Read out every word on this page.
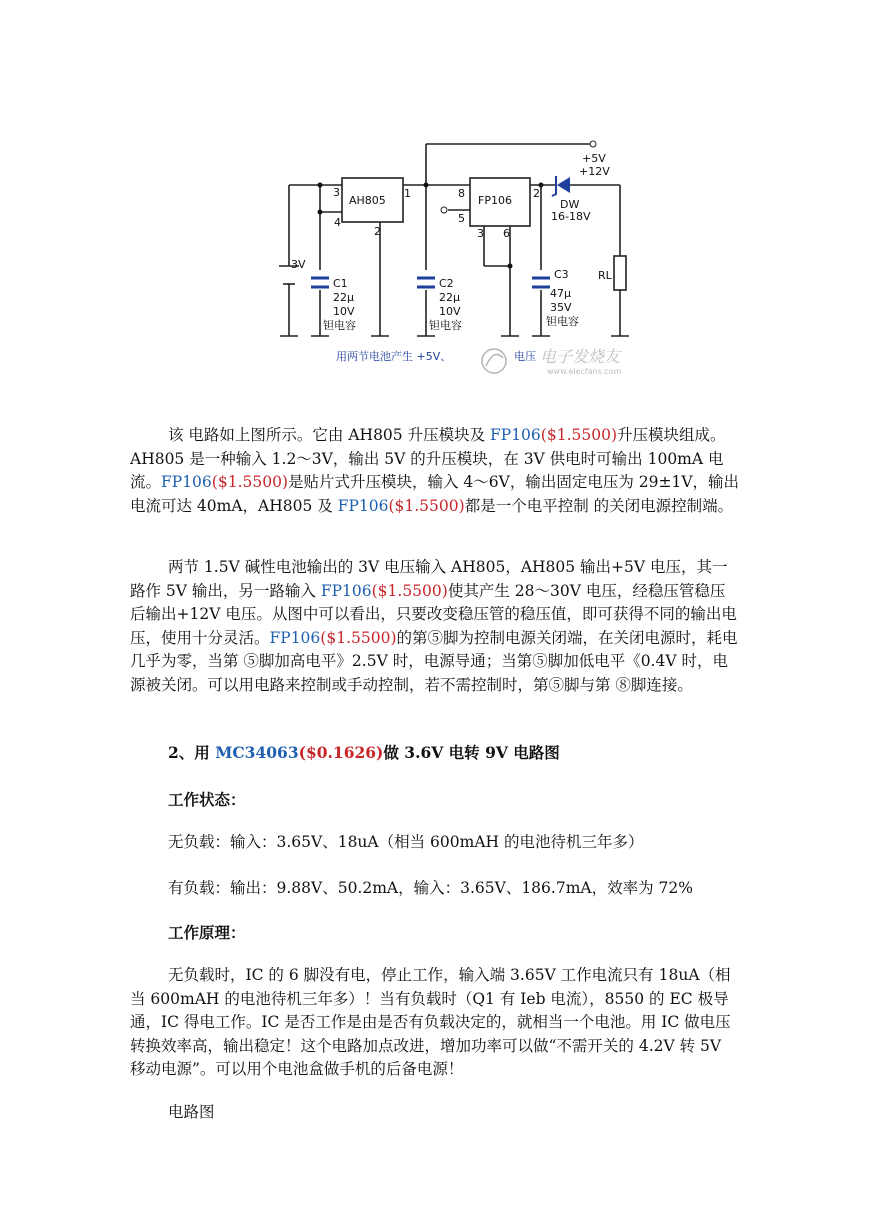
AH805	FP106
3
4
1
2
8
5
3 6
2
3V
C1
22μ
10V
钽电容
C2
22μ
10V
钽电容
C3
47μ
35V
钽电容
DW
16-18V
+5V
+12V
RL
用两节电池产生 +5V、	电压 电子发烧友
www.elecfans.com
该 电路如上图所示。它由 AH805 升压模块及 FP106($1.5500)升压模块组成。AH805 是一种输入 1.2～3V，输出 5V 的升压模块，在 3V 供电时可输出 100mA 电流。FP106($1.5500)是贴片式升压模块，输入 4～6V，输出固定电压为 29±1V，输出电流可达 40mA，AH805 及 FP106($1.5500)都是一个电平控制 的关闭电源控制端。
两节 1.5V 碱性电池输出的 3V 电压输入 AH805，AH805 输出+5V 电压，其一路作 5V 输出，另一路输入 FP106($1.5500)使其产生 28～30V 电压，经稳压管稳压后输出+12V 电压。从图中可以看出，只要改变稳压管的稳压值，即可获得不同的输出电压，使用十分灵活。FP106($1.5500)的第⑤脚为控制电源关闭端，在关闭电源时，耗电几乎为零，当第 ⑤脚加高电平》2.5V 时，电源导通；当第⑤脚加低电平《0.4V 时，电源被关闭。可以用电路来控制或手动控制，若不需控制时，第⑤脚与第 ⑧脚连接。
2、用 MC34063($0.1626)做 3.6V 电转 9V 电路图
工作状态：
无负载：输入：3.65V、18uA（相当 600mAH 的电池待机三年多）
有负载：输出：9.88V、50.2mA，输入：3.65V、186.7mA，效率为 72%
工作原理：
无负载时，IC 的 6 脚没有电，停止工作，输入端 3.65V 工作电流只有 18uA（相当 600mAH 的电池待机三年多）！当有负载时（Q1 有 Ieb 电流），8550 的 EC 极导通，IC 得电工作。IC 是否工作是由是否有负载决定的，就相当一个电池。用 IC 做电压转换效率高，输出稳定！这个电路加点改进，增加功率可以做“不需开关的 4.2V 转 5V 移动电源”。可以用个电池盒做手机的后备电源！
电路图
